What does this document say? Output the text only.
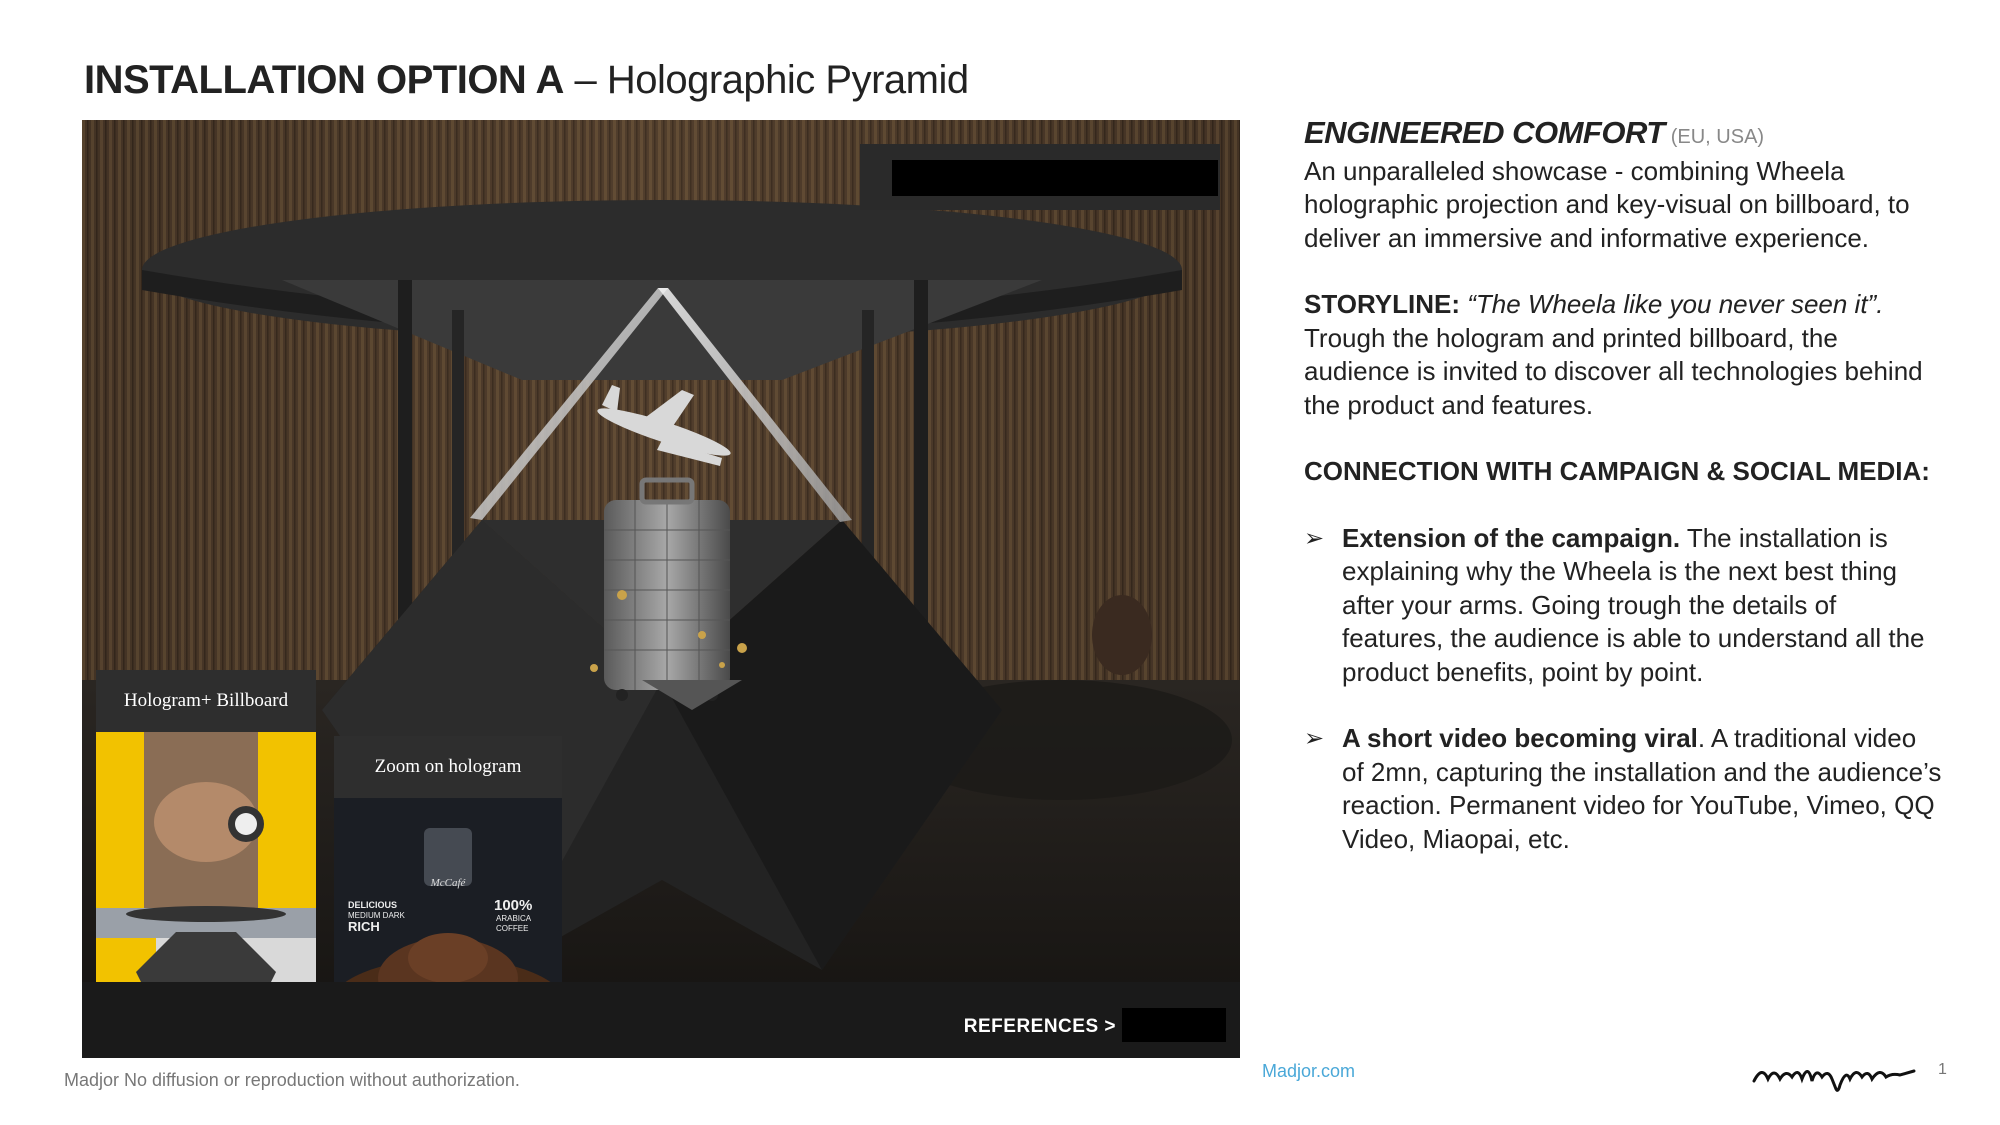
INSTALLATION OPTION A – Holographic Pyramid
Hologram+ Billboard
Zoom on hologram
McCafé
DELICIOUS
MEDIUM DARK
RICH
100%
ARABICA
COFFEE
REFERENCES >
ENGINEERED COMFORT (EU, USA)

An unparalleled showcase - combining Wheela holographic projection and key-visual on billboard, to deliver an immersive and informative experience.

STORYLINE: “The Wheela like you never seen it”. Trough the hologram and printed billboard, the audience is invited to discover all technologies behind the product and features.

CONNECTION WITH CAMPAIGN & SOCIAL MEDIA:

➢ Extension of the campaign. The installation is explaining why the Wheela is the next best thing after your arms. Going trough the details of features, the audience is able to understand all the product benefits, point by point.
➢ A short video becoming viral. A traditional video of 2mn, capturing the installation and the audience’s reaction. Permanent video for YouTube, Vimeo, QQ Video, Miaopai, etc.
Madjor No diffusion or reproduction without authorization.	Madjor.com	1
